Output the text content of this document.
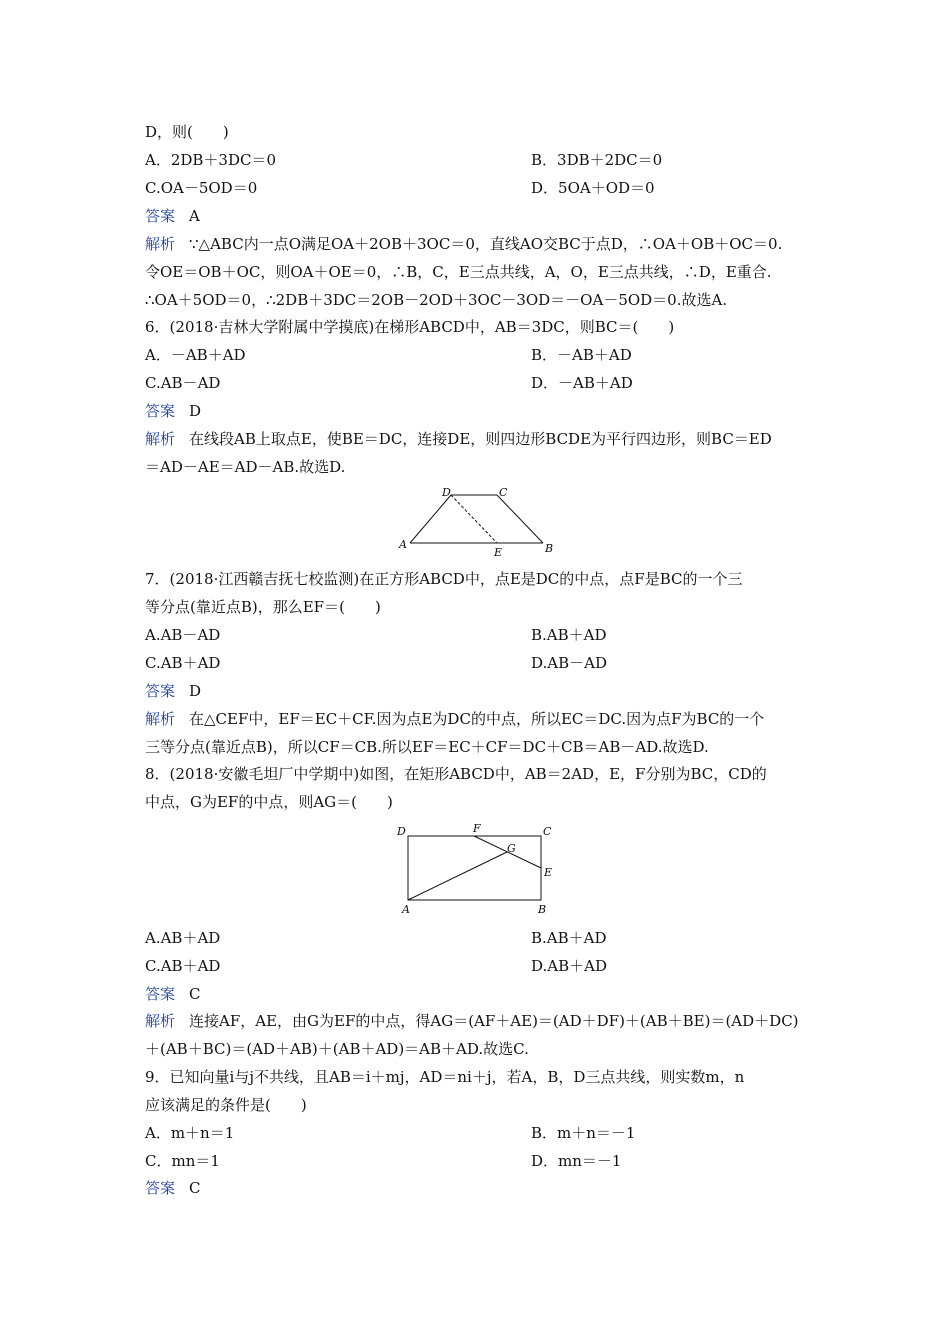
D，则(　　)
A．2DB＋3DC＝0	B．3DB＋2DC＝0
C.OA－5OD＝0	D．5OA＋OD＝0
答案 A
解析 ∵△ABC内一点O满足OA＋2OB＋3OC＝0，直线AO交BC于点D，∴OA＋OB＋OC＝0.
令OE＝OB＋OC，则OA＋OE＝0，∴B，C，E三点共线，A，O，E三点共线，∴D，E重合.
∴OA＋5OD＝0，∴2DB＋3DC＝2OB－2OD＋3OC－3OD＝－OA－5OD＝0.故选A.
6．(2018·吉林大学附属中学摸底)在梯形ABCD中，AB＝3DC，则BC＝(　　)
A．－AB＋AD	B．－AB＋AD
C.AB－AD	D．－AB＋AD
答案 D
解析 在线段AB上取点E，使BE＝DC，连接DE，则四边形BCDE为平行四边形，则BC＝ED
＝AD－AE＝AD－AB.故选D.
A	B
C
D
E
7．(2018·江西赣吉抚七校监测)在正方形ABCD中，点E是DC的中点，点F是BC的一个三
等分点(靠近点B)，那么EF＝(　　)
A.AB－AD	B.AB＋AD
C.AB＋AD	D.AB－AD
答案 D
解析 在△CEF中，EF＝EC＋CF.因为点E为DC的中点，所以EC＝DC.因为点F为BC的一个
三等分点(靠近点B)，所以CF＝CB.所以EF＝EC＋CF＝DC＋CB＝AB－AD.故选D.
8．(2018·安徽毛坦厂中学期中)如图，在矩形ABCD中，AB＝2AD，E，F分别为BC，CD的
中点，G为EF的中点，则AG＝(　　)
A	B
C
D
E
F
G
A.AB＋AD	B.AB＋AD
C.AB＋AD	D.AB＋AD
答案 C
解析 连接AF，AE，由G为EF的中点，得AG＝(AF＋AE)＝(AD＋DF)＋(AB＋BE)＝(AD＋DC)
＋(AB＋BC)＝(AD＋AB)＋(AB＋AD)＝AB＋AD.故选C.
9．已知向量i与j不共线，且AB＝i＋mj，AD＝ni＋j，若A，B，D三点共线，则实数m，n
应该满足的条件是(　　)
A．m＋n＝1	B．m＋n＝－1
C．mn＝1	D．mn＝－1
答案 C
